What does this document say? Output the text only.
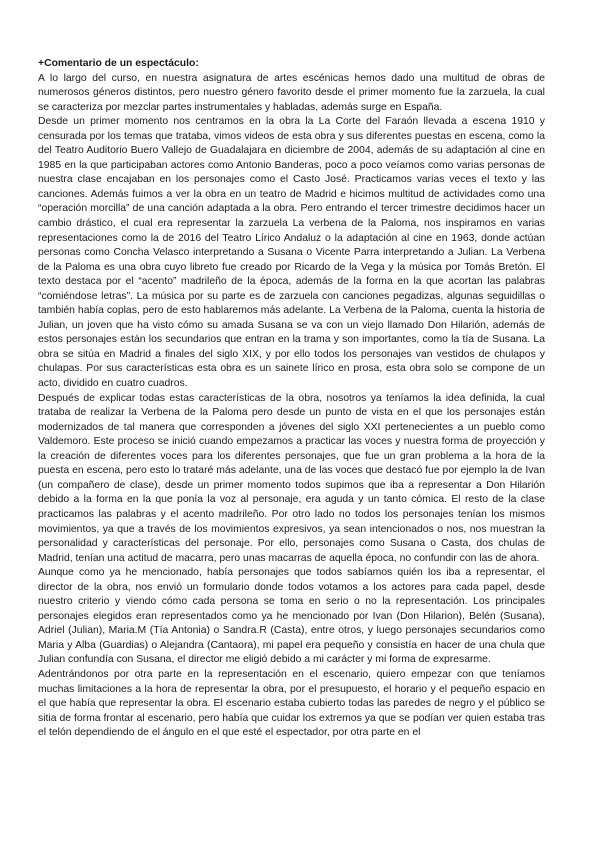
+Comentario de un espectáculo:

A lo largo del curso, en nuestra asignatura de artes escénicas hemos dado una multitud de obras de numerosos géneros distintos, pero nuestro género favorito desde el primer momento fue la zarzuela, la cual se caracteriza por mezclar partes instrumentales y habladas, además surge en España.

Desde un primer momento nos centramos en la obra la La Corte del Faraón llevada a escena 1910 y censurada por los temas que trataba, vimos videos de esta obra y sus diferentes puestas en escena, como la del Teatro Auditorio Buero Vallejo de Guadalajara en diciembre de 2004, además de su adaptación al cine en 1985 en la que participaban actores como Antonio Banderas, poco a poco veíamos como varias personas de nuestra clase encajaban en los personajes como el Casto José. Practicamos varias veces el texto y las canciones. Además fuimos a ver la obra en un teatro de Madrid e hicimos multitud de actividades como una “operación morcilla” de una canción adaptada a la obra. Pero entrando el tercer trimestre decidimos hacer un cambio drástico, el cual era representar la zarzuela La verbena de la Paloma, nos inspiramos en varias representaciones como la de 2016 del Teatro Lírico Andaluz o la adaptación al cine en 1963, donde actúan personas como Concha Velasco interpretando a Susana o Vicente Parra interpretando a Julian. La Verbena de la Paloma es una obra cuyo libreto fue creado por Ricardo de la Vega y la música por Tomás Bretón. El texto destaca por el “acento” madrileño de la época, además de la forma en la que acortan las palabras “comiéndose letras”. La música por su parte es de zarzuela con canciones pegadizas, algunas seguidillas o también había coplas, pero de esto hablaremos más adelante. La Verbena de la Paloma, cuenta la historia de Julian, un joven que ha visto cómo su amada Susana se va con un viejo llamado Don Hilarión, además de estos personajes están los secundarios que entran en la trama y son importantes, como la tía de Susana. La obra se sitúa en Madrid a finales del siglo XIX, y por ello todos los personajes van vestidos de chulapos y chulapas. Por sus características esta obra es un sainete lírico en prosa, esta obra solo se compone de un acto, dividido en cuatro cuadros.

Después de explicar todas estas características de la obra, nosotros ya teníamos la idea definida, la cual trataba de realizar la Verbena de la Paloma pero desde un punto de vista en el que los personajes están modernizados de tal manera que corresponden a jóvenes del siglo XXI pertenecientes a un pueblo como Valdemoro. Este proceso se inició cuando empezamos a practicar las voces y nuestra forma de proyección y la creación de diferentes voces para los diferentes personajes, que fue un gran problema a la hora de la puesta en escena, pero esto lo trataré más adelante, una de las voces que destacó fue por ejemplo la de Ivan (un compañero de clase), desde un primer momento todos supimos que iba a representar a Don Hilarión debido a la forma en la que ponía la voz al personaje, era aguda y un tanto cómica. El resto de la clase practicamos las palabras y el acento madrileño. Por otro lado no todos los personajes tenían los mismos movimientos, ya que a través de los movimientos expresivos, ya sean intencionados o nos, nos muestran la personalidad y características del personaje. Por ello, personajes como Susana o Casta, dos chulas de Madrid, tenían una actitud de macarra, pero unas macarras de aquella época, no confundir con las de ahora.

Aunque como ya he mencionado, había personajes que todos sabíamos quién los iba a representar, el director de la obra, nos envió un formulario donde todos votamos a los actores para cada papel, desde nuestro criterio y viendo cómo cada persona se toma en serio o no la representación. Los principales personajes elegidos eran representados como ya he mencionado por Ivan (Don Hilarion), Belén (Susana), Adriel (Julian), Maria.M (Tía Antonia) o Sandra.R (Casta), entre otros, y luego personajes secundarios como Maria y Alba (Guardias) o Alejandra (Cantaora), mi papel era pequeño y consistía en hacer de una chula que Julian confundía con Susana, el director me eligió debido a mi carácter y mi forma de expresarme.

Adentrándonos por otra parte en la representación en el escenario, quiero empezar con que teníamos muchas limitaciones a la hora de representar la obra, por el presupuesto, el horario y el pequeño espacio en el que había que representar la obra. El escenario estaba cubierto todas las paredes de negro y el público se sitia de forma frontar al escenario, pero había que cuidar los extremos ya que se podían ver quien estaba tras el telón dependiendo de el ángulo en el que esté el espectador, por otra parte en el
